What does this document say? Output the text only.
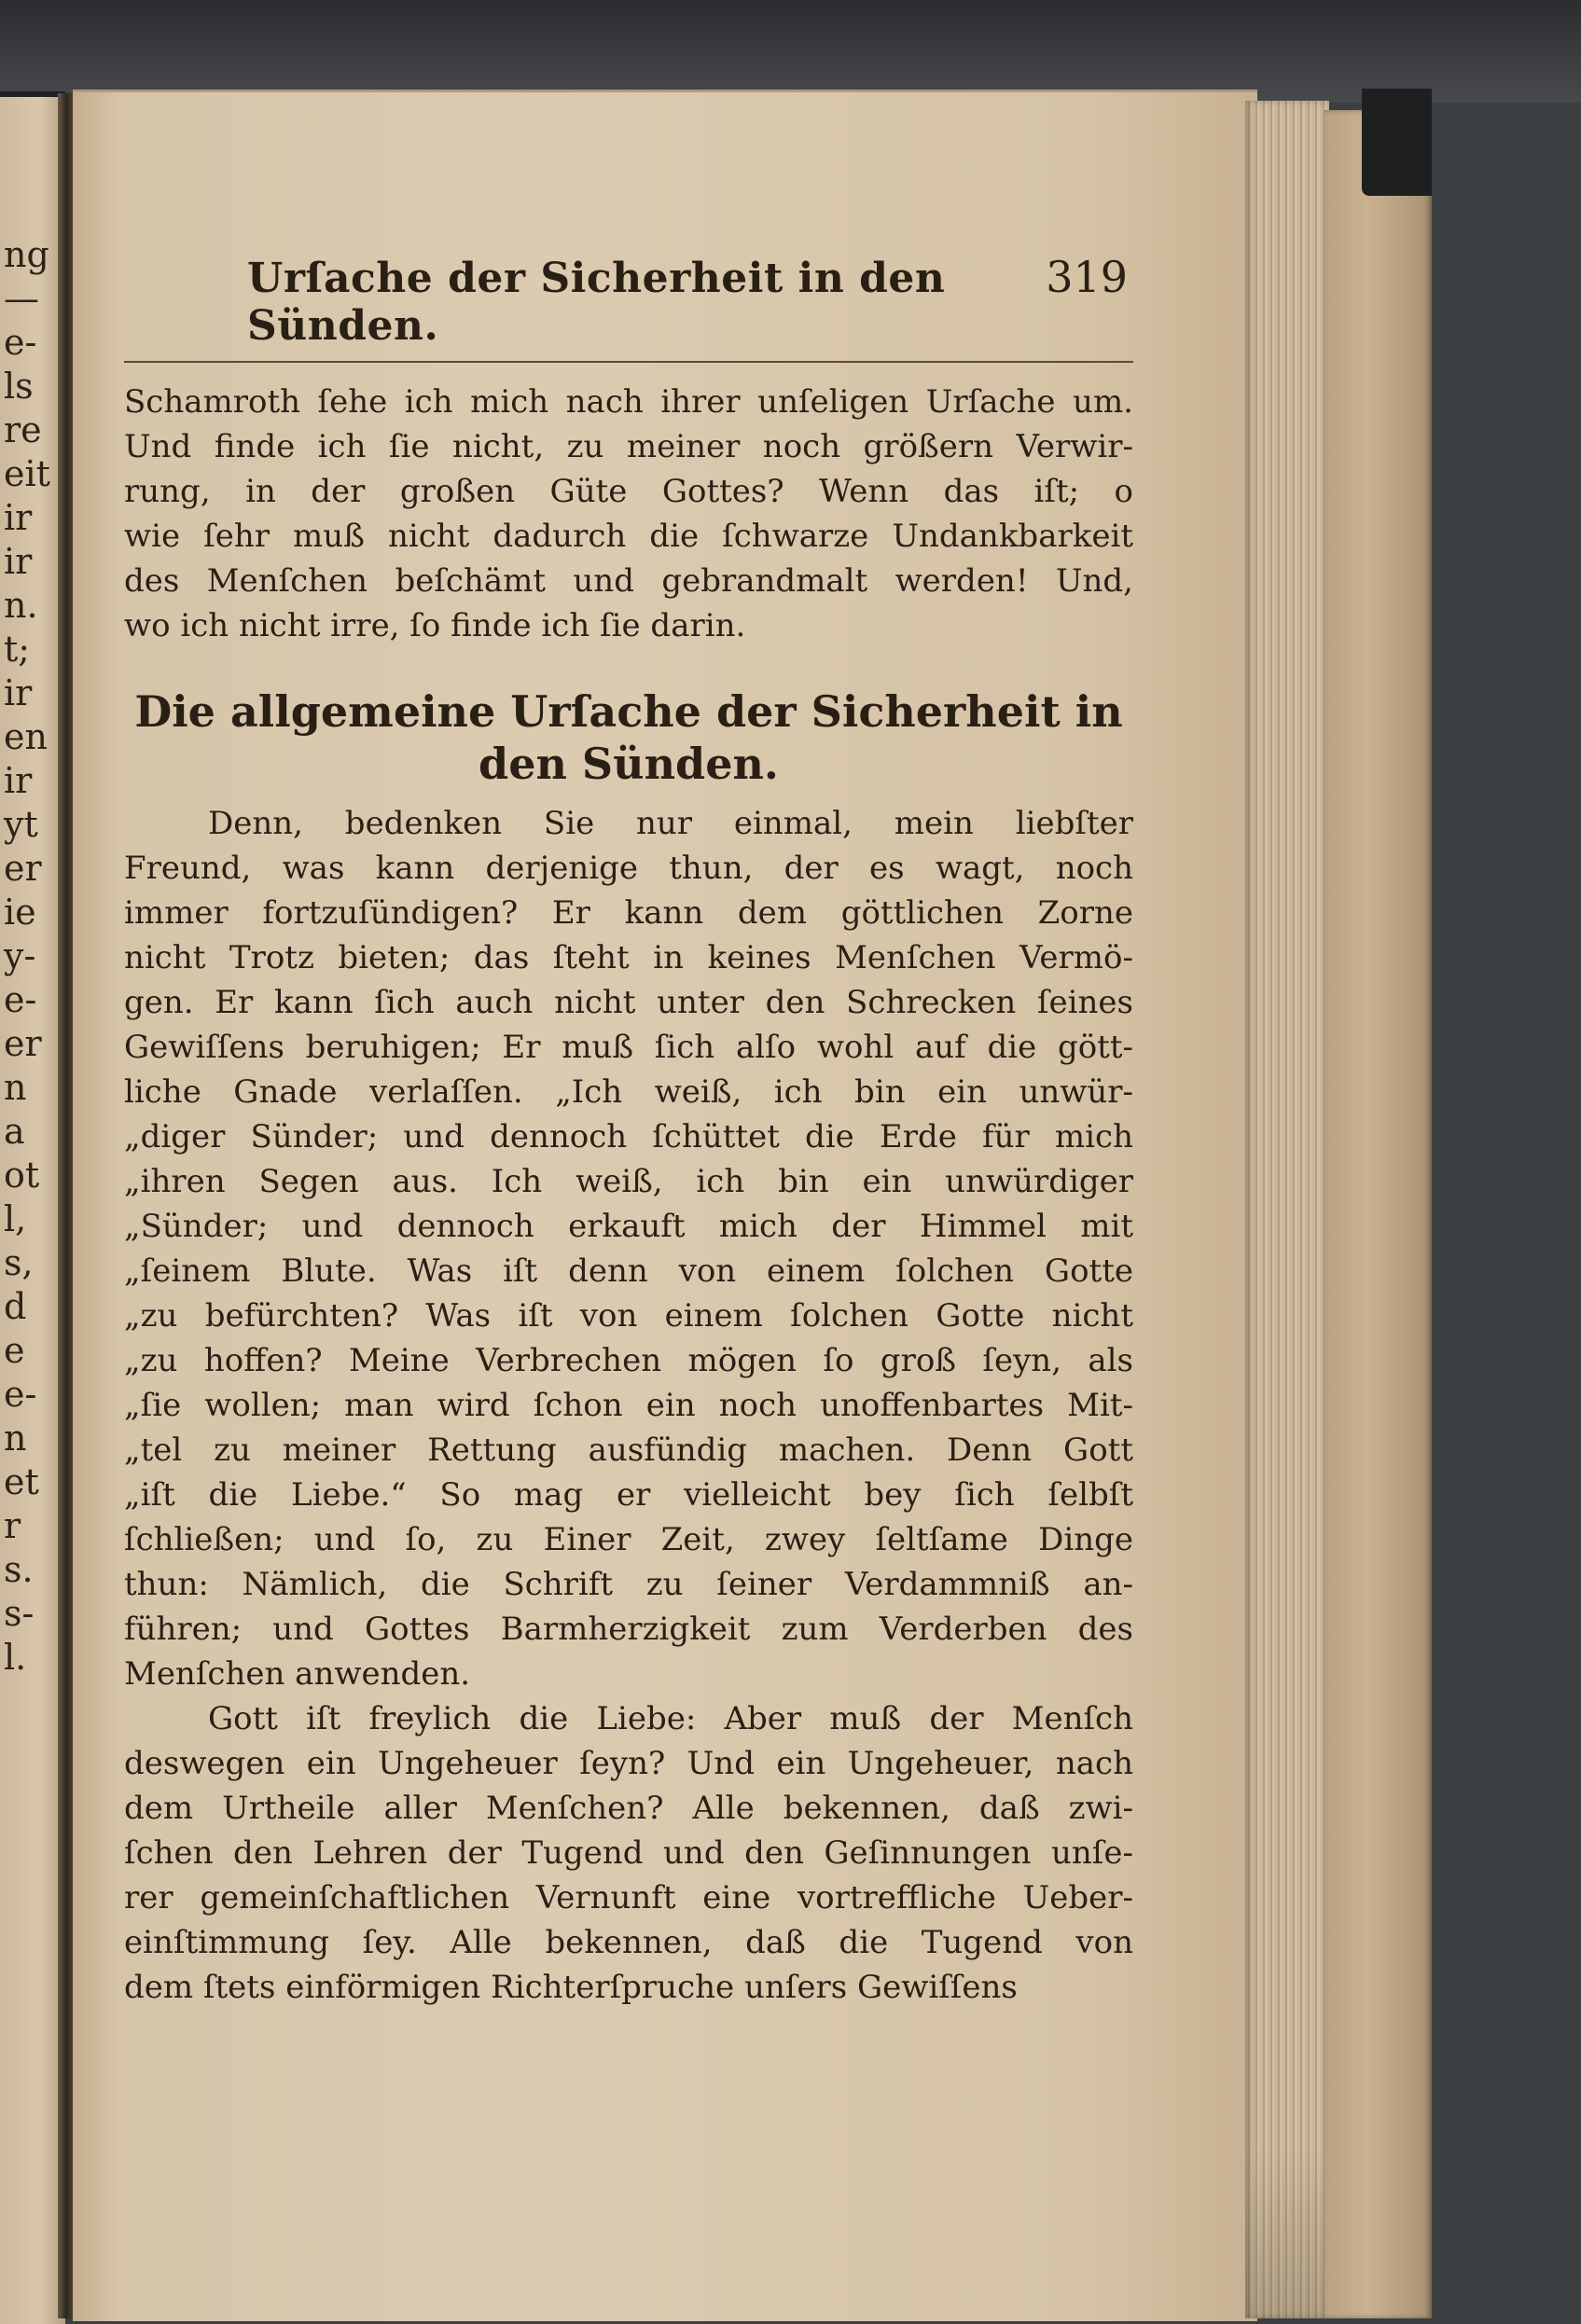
ng
—
e-
ls
re
eit
ir
ir
n.
t;
ir
en
ir
yt
er
ie
y-
e-
er
n
a
ot
l,
s,
d
e
e-
n
et
r
s.
s-
l.
Urſache der Sicherheit in den Sünden.
319
Schamroth ſehe ich mich nach ihrer unſeligen Urſache um.
Und finde ich ſie nicht, zu meiner noch größern Verwir-
rung, in der großen Güte Gottes? Wenn das iſt; o
wie ſehr muß nicht dadurch die ſchwarze Undankbarkeit
des Menſchen beſchämt und gebrandmalt werden! Und,
wo ich nicht irre, ſo finde ich ſie darin.
Die allgemeine Urſache der Sicherheit in
den Sünden.
Denn, bedenken Sie nur einmal, mein liebſter
Freund, was kann derjenige thun, der es wagt, noch
immer fortzuſündigen? Er kann dem göttlichen Zorne
nicht Trotz bieten; das ſteht in keines Menſchen Vermö-
gen. Er kann ſich auch nicht unter den Schrecken ſeines
Gewiſſens beruhigen; Er muß ſich alſo wohl auf die gött-
liche Gnade verlaſſen. „Ich weiß, ich bin ein unwür-
„diger Sünder; und dennoch ſchüttet die Erde für mich
„ihren Segen aus. Ich weiß, ich bin ein unwürdiger
„Sünder; und dennoch erkauft mich der Himmel mit
„ſeinem Blute. Was iſt denn von einem ſolchen Gotte
„zu befürchten? Was iſt von einem ſolchen Gotte nicht
„zu hoffen? Meine Verbrechen mögen ſo groß ſeyn, als
„ſie wollen; man wird ſchon ein noch unoffenbartes Mit-
„tel zu meiner Rettung ausfündig machen. Denn Gott
„iſt die Liebe.“ So mag er vielleicht bey ſich ſelbſt
ſchließen; und ſo, zu Einer Zeit, zwey ſeltſame Dinge
thun: Nämlich, die Schrift zu ſeiner Verdammniß an-
führen; und Gottes Barmherzigkeit zum Verderben des
Menſchen anwenden.
Gott iſt freylich die Liebe: Aber muß der Menſch
deswegen ein Ungeheuer ſeyn? Und ein Ungeheuer, nach
dem Urtheile aller Menſchen? Alle bekennen, daß zwi-
ſchen den Lehren der Tugend und den Geſinnungen unſe-
rer gemeinſchaftlichen Vernunft eine vortreffliche Ueber-
einſtimmung ſey. Alle bekennen, daß die Tugend von
dem ſtets einförmigen Richterſpruche unſers Gewiſſens
